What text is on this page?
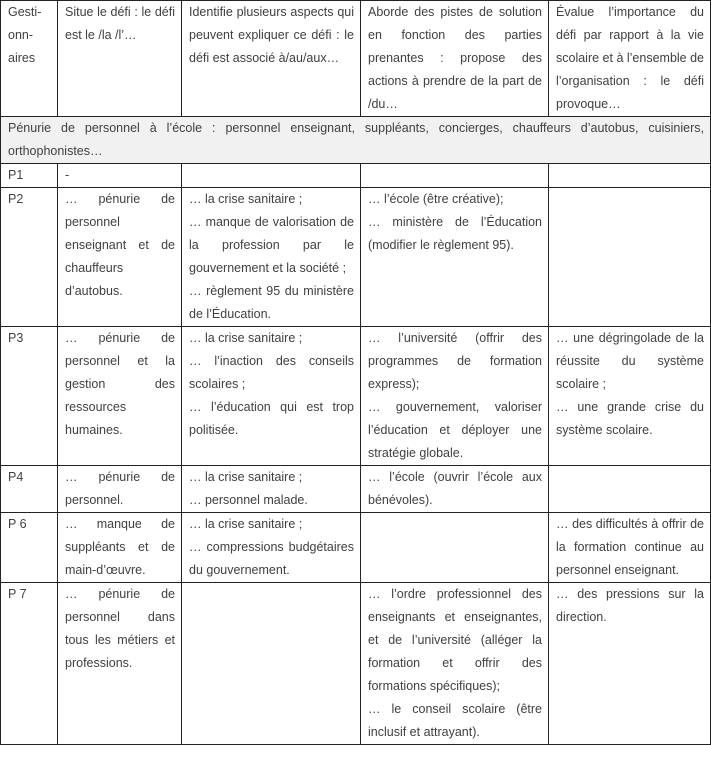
Gestionnaires	Situe le défi : le défi est le /la /l’…	Identifie plusieurs aspects qui peuvent expliquer ce défi : le défi est associé à/au/aux…	Aborde des pistes de solution en fonction des parties prenantes : propose des actions à prendre de la part de /du…	Évalue l’importance du défi par rapport à la vie scolaire et à l’ensemble de l’organisation : le défi provoque…
Pénurie de personnel à l’école : personnel enseignant, suppléants, concierges, chauffeurs d’autobus, cuisiniers, orthophonistes…				
P1	-			

P2	… pénurie de personnel enseignant et de chauffeurs d’autobus.	… la crise sanitaire ;
… manque de valorisation de la profession par le gouvernement et la société ;
… règlement 95 du ministère de l’Éducation.	… l’école (être créative);
… ministère de l’Éducation (modifier le règlement 95).	

P3	… pénurie de personnel et la gestion des ressources humaines.	… la crise sanitaire ;
… l’inaction des conseils scolaires ;
… l’éducation qui est trop politisée.	… l’université (offrir des programmes de formation express);
… gouvernement, valoriser l’éducation et déployer une stratégie globale.	… une dégringolade de la réussite du système scolaire ;
… une grande crise du système scolaire.

P4	… pénurie de personnel.	… la crise sanitaire ;
… personnel malade.	… l’école (ouvrir l’école aux bénévoles).	

P 6	… manque de suppléants et de main-d’œuvre.	… la crise sanitaire ;
… compressions budgétaires du gouvernement.		… des difficultés à offrir de la formation continue au personnel enseignant.

P 7	… pénurie de personnel dans tous les métiers et professions.		… l’ordre professionnel des enseignants et enseignantes, et de l’université (alléger la formation et offrir des formations spécifiques);
… le conseil scolaire (être inclusif et attrayant).	… des pressions sur la direction.
